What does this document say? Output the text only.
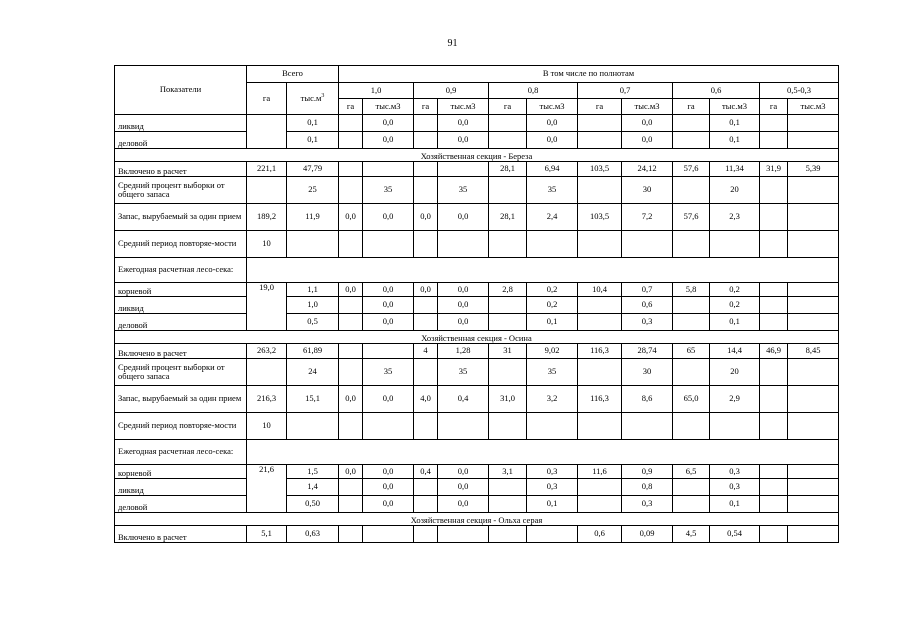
91
Показатели	Всего		В том числе по полнотам											
	га	$тыс.м^3$	1,0		0,9		0,8		0,7		0,6		0,5-0,3	
			га	тыс.м3	га	тыс.м3	га	тыс.м3	га	тыс.м3	га	тыс.м3	га	тыс.м3
ликвид		0,1		0,0		0,0		0,0		0,0		0,1		
деловой		0,1		0,0		0,0		0,0		0,0		0,1		
Хозяйственная секция - Береза														
Включено в расчет	221,1	47,79					28,1	6,94	103,5	24,12	57,6	11,34	31,9	5,39
Средний процент выборки от общего запаса		25		35		35		35		30		20		
Запас, вырубаемый за один прием	189,2	11,9	0,0	0,0	0,0	0,0	28,1	2,4	103,5	7,2	57,6	2,3		
Средний период повторяе-мости	10													
Ежегодная расчетная лесо-сека:														
корневой	19,0	1,1	0,0	0,0	0,0	0,0	2,8	0,2	10,4	0,7	5,8	0,2		
ликвид		1,0		0,0		0,0		0,2		0,6		0,2		
деловой		0,5		0,0		0,0		0,1		0,3		0,1		
Хозяйственная секция - Осина														
Включено в расчет	263,2	61,89			4	1,28	31	9,02	116,3	28,74	65	14,4	46,9	8,45
Средний процент выборки от общего запаса		24		35		35		35		30		20		
Запас, вырубаемый за один прием	216,3	15,1	0,0	0,0	4,0	0,4	31,0	3,2	116,3	8,6	65,0	2,9		
Средний период повторяе-мости	10													
Ежегодная расчетная лесо-сека:														
корневой	21,6	1,5	0,0	0,0	0,4	0,0	3,1	0,3	11,6	0,9	6,5	0,3		
ликвид		1,4		0,0		0,0		0,3		0,8		0,3		
деловой		0,50		0,0		0,0		0,1		0,3		0,1		
Хозяйственная секция - Ольха серая														
Включено в расчет	5,1	0,63							0,6	0,09	4,5	0,54		
